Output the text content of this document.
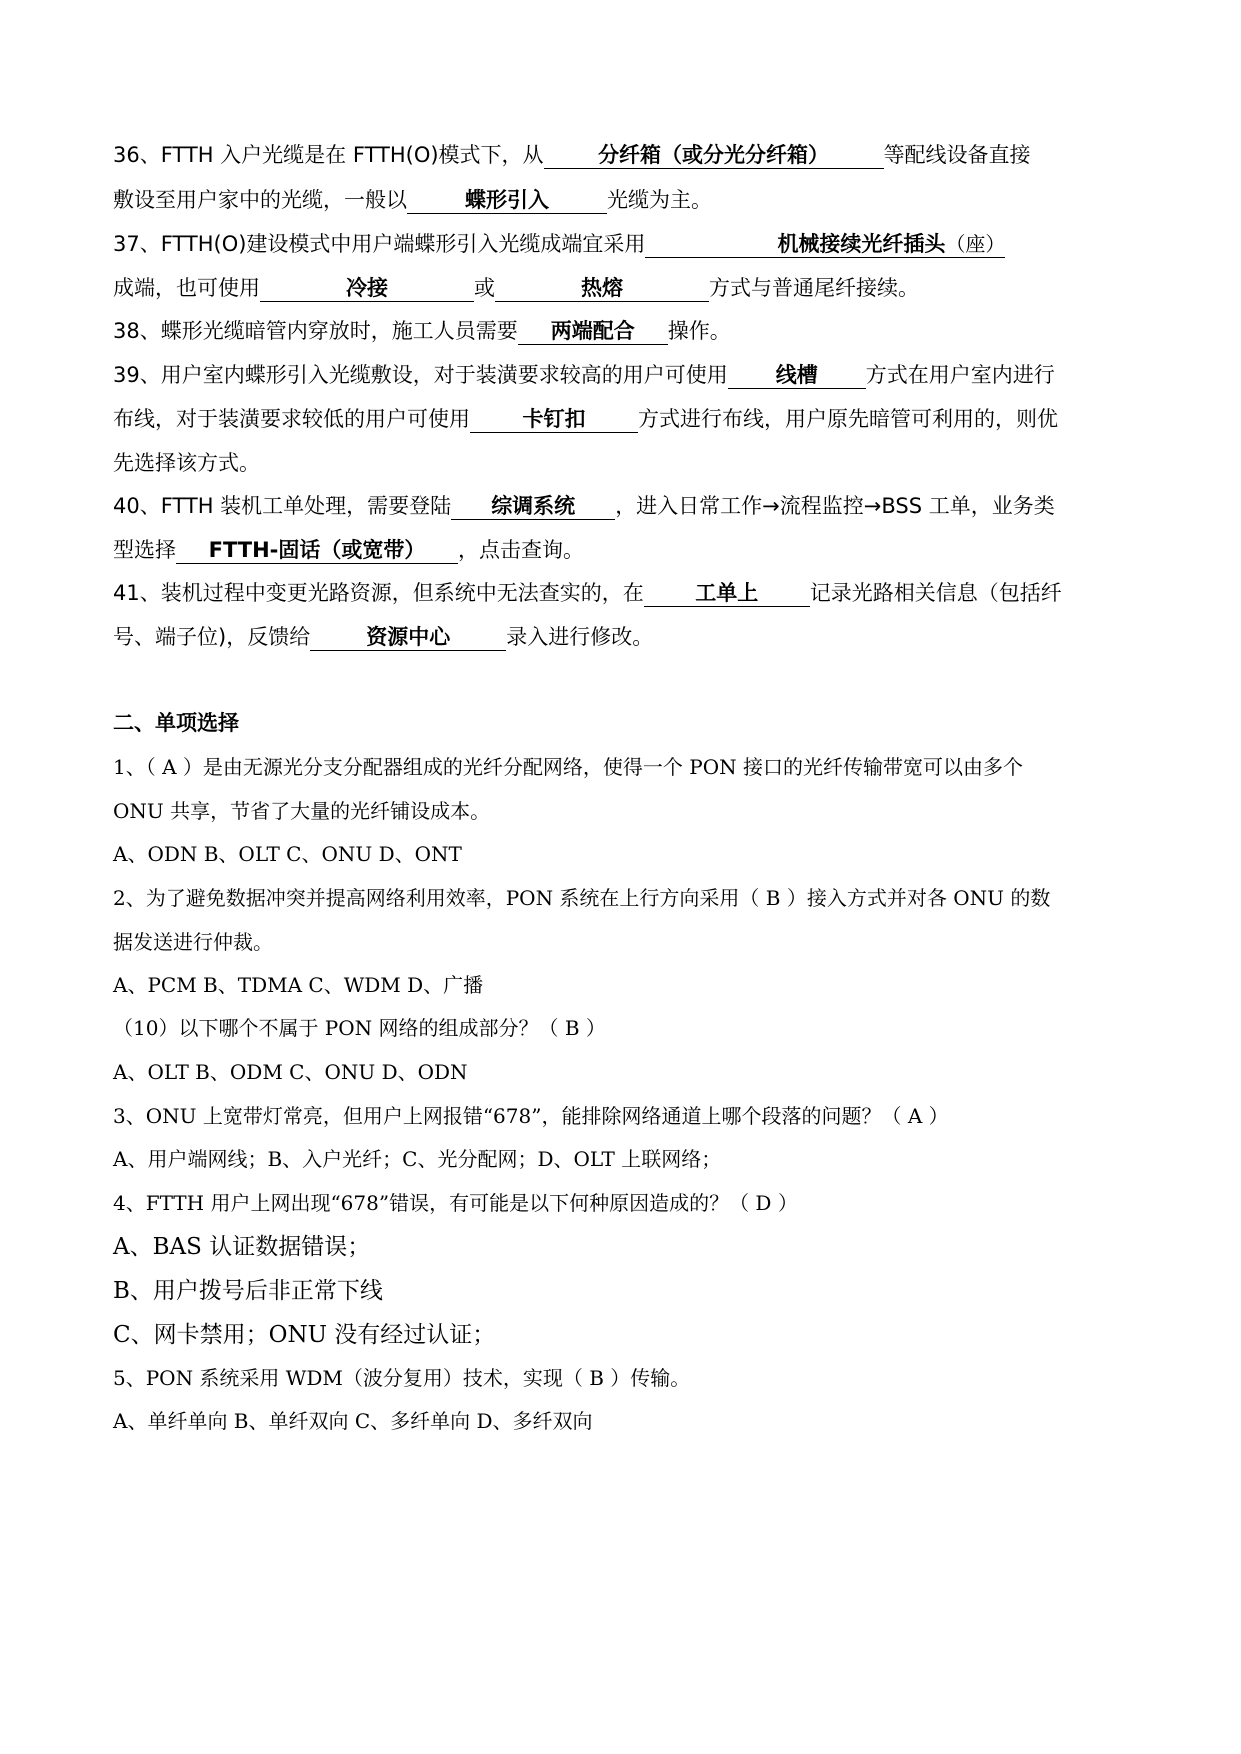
36、FTTH 入户光缆是在 FTTH(O)模式下，从	分纤箱（或分光分纤箱）	等配线设备直接
敷设至用户家中的光缆，一般以	蝶形引入	光缆为主。
37、FTTH(O)建设模式中用户端蝶形引入光缆成端宜采用	机械接续光纤插头（座）
成端，也可使用	冷接	或	热熔	方式与普通尾纤接续。
38、蝶形光缆暗管内穿放时，施工人员需要 两端配合 操作。
39、用户室内蝶形引入光缆敷设，对于装潢要求较高的用户可使用 线槽 方式在用户室内进行
布线，对于装潢要求较低的用户可使用	卡钉扣	方式进行布线，用户原先暗管可利用的，则优
先选择该方式。
40、FTTH 装机工单处理，需要登陆 综调系统 ，进入日常工作→流程监控→BSS 工单，业务类
型选择 FTTH-固话（或宽带） ，点击查询。
41、装机过程中变更光路资源，但系统中无法查实的，在 工单上 记录光路相关信息（包括纤
号、端子位)，反馈给	资源中心	录入进行修改。
二、单项选择
1、（ A ）是由无源光分支分配器组成的光纤分配网络，使得一个 PON 接口的光纤传输带宽可以由多个
ONU 共享，节省了大量的光纤铺设成本。
A、ODN B、OLT C、ONU D、ONT
2、为了避免数据冲突并提高网络利用效率，PON 系统在上行方向采用（ B ）接入方式并对各 ONU 的数
据发送进行仲裁。
A、PCM B、TDMA C、WDM D、广播
（10）以下哪个不属于 PON 网络的组成部分？（ B ）
A、OLT B、ODM C、ONU D、ODN
3、ONU 上宽带灯常亮，但用户上网报错“678”，能排除网络通道上哪个段落的问题？（ A ）
A、用户端网线；B、入户光纤；C、光分配网；D、OLT 上联网络；
4、FTTH 用户上网出现“678”错误，有可能是以下何种原因造成的？（ D ）
A、BAS 认证数据错误；
B、用户拨号后非正常下线
C、网卡禁用；ONU 没有经过认证；
5、PON 系统采用 WDM（波分复用）技术，实现（ B ）传输。
A、单纤单向 B、单纤双向 C、多纤单向 D、多纤双向
